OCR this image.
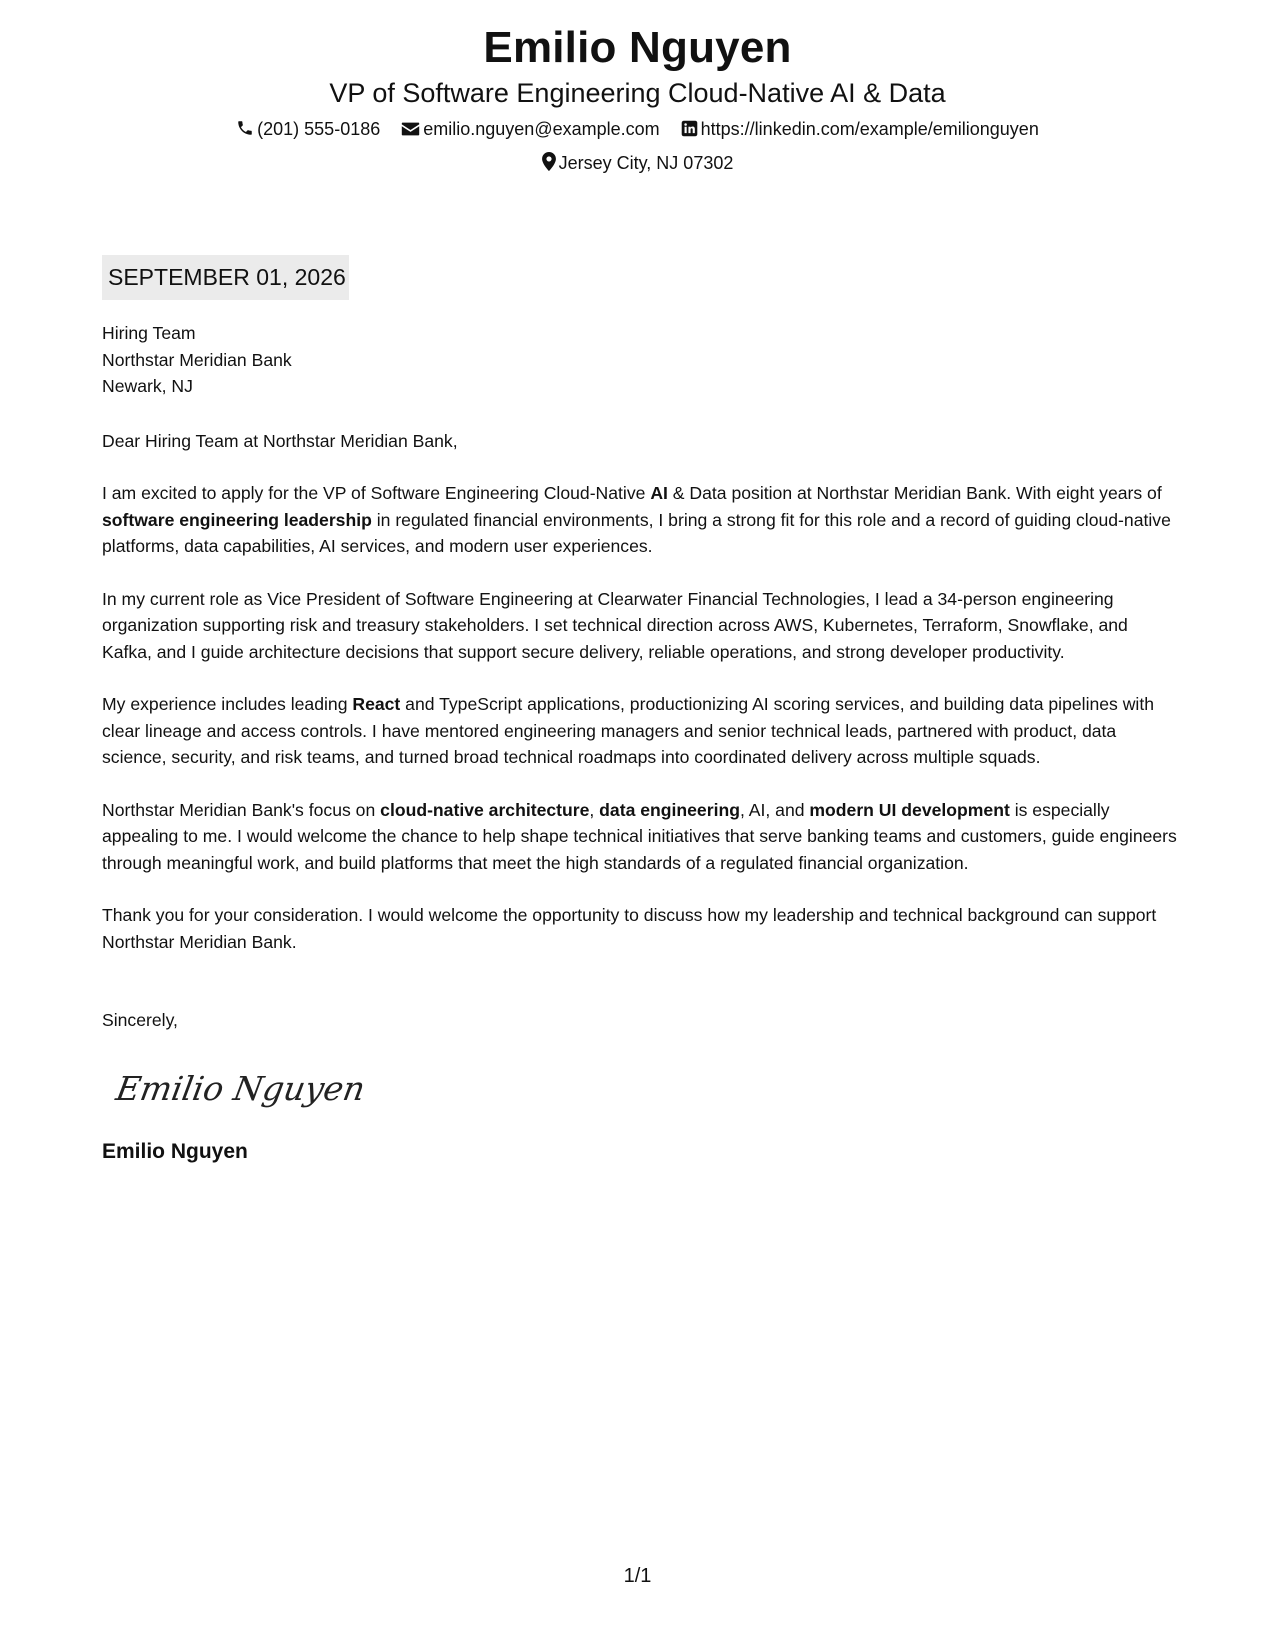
Emilio Nguyen
VP of Software Engineering Cloud-Native AI & Data
(201) 555-0186 emilio.nguyen@example.com https://linkedin.com/example/emilionguyen
Jersey City, NJ 07302
SEPTEMBER 01, 2026
Hiring Team
Northstar Meridian Bank
Newark, NJ
Dear Hiring Team at Northstar Meridian Bank,
I am excited to apply for the VP of Software Engineering Cloud-Native AI & Data position at Northstar Meridian Bank. With eight years of software engineering leadership in regulated financial environments, I bring a strong fit for this role and a record of guiding cloud-native platforms, data capabilities, AI services, and modern user experiences.
In my current role as Vice President of Software Engineering at Clearwater Financial Technologies, I lead a 34-person engineering organization supporting risk and treasury stakeholders. I set technical direction across AWS, Kubernetes, Terraform, Snowflake, and Kafka, and I guide architecture decisions that support secure delivery, reliable operations, and strong developer productivity.
My experience includes leading React and TypeScript applications, productionizing AI scoring services, and building data pipelines with clear lineage and access controls. I have mentored engineering managers and senior technical leads, partnered with product, data science, security, and risk teams, and turned broad technical roadmaps into coordinated delivery across multiple squads.
Northstar Meridian Bank's focus on cloud-native architecture, data engineering, AI, and modern UI development is especially appealing to me. I would welcome the chance to help shape technical initiatives that serve banking teams and customers, guide engineers through meaningful work, and build platforms that meet the high standards of a regulated financial organization.
Thank you for your consideration. I would welcome the opportunity to discuss how my leadership and technical background can support Northstar Meridian Bank.
Sincerely,
Emilio Nguyen
Emilio Nguyen
1/1
